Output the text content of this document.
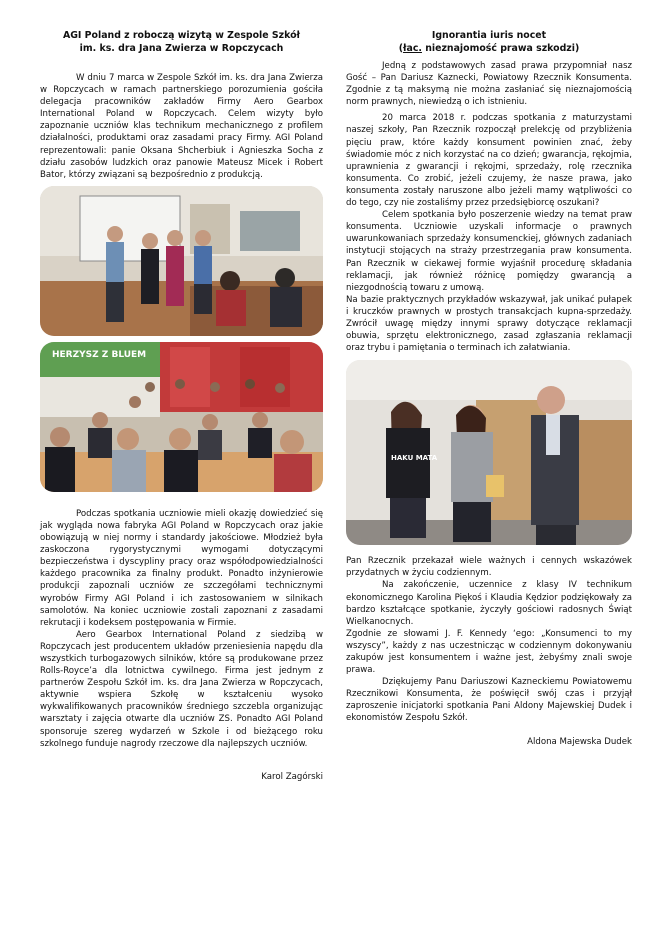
AGI Poland z roboczą wizytą w Zespole Szkół
im. ks. dra Jana Zwierza w Ropczycach

W dniu 7 marca w Zespole Szkół im. ks. dra Jana Zwierza w Ropczycach w ramach partnerskiego porozumienia gościła delegacja pracowników zakładów Firmy Aero Gearbox International Poland w Ropczycach. Celem wizyty było zapoznanie uczniów klas technikum mechanicznego z profilem działalności, produktami oraz zasadami pracy Firmy. AGI Poland reprezentowali: panie Oksana Shcherbiuk i Agnieszka Socha z działu zasobów ludzkich oraz panowie Mateusz Micek i Robert Bator, którzy związani są bezpośrednio z produkcją.

HERZYSZ Z BLUEM

Podczas spotkania uczniowie mieli okazję dowiedzieć się jak wygląda nowa fabryka AGI Poland w Ropczycach oraz jakie obowiązują w niej normy i standardy jakościowe. Młodzież była zaskoczona rygorystycznymi wymogami dotyczącymi bezpieczeństwa i dyscypliny pracy oraz współodpowiedzialności każdego pracownika za finalny produkt. Ponadto inżynierowie produkcji zapoznali uczniów ze szczegółami technicznymi wyrobów Firmy AGI Poland i ich zastosowaniem w silnikach samolotów. Na koniec uczniowie zostali zapoznani z zasadami rekrutacji i kodeksem postępowania w Firmie.

Aero Gearbox International Poland z siedzibą w Ropczycach jest producentem układów przeniesienia napędu dla wszystkich turbogazowych silników, które są produkowane przez Rolls-Royce’a dla lotnictwa cywilnego. Firma jest jednym z partnerów Zespołu Szkół im. ks. dra Jana Zwierza w Ropczycach, aktywnie wspiera Szkołę w kształceniu wysoko wykwalifikowanych pracowników średniego szczebla organizując warsztaty i zajęcia otwarte dla uczniów ZS. Ponadto AGI Poland sponsoruje szereg wydarzeń w Szkole i od bieżącego roku szkolnego funduje nagrody rzeczowe dla najlepszych uczniów.

Karol Zagórski

Ignorantia iuris nocet
(łac. nieznajomość prawa szkodzi)

Jedną z podstawowych zasad prawa przypomniał nasz Gość – Pan Dariusz Kaznecki, Powiatowy Rzecznik Konsumenta. Zgodnie z tą maksymą nie można zasłaniać się nieznajomością norm prawnych, niewiedzą o ich istnieniu.

20 marca 2018 r. podczas spotkania z maturzystami naszej szkoły, Pan Rzecznik rozpoczął prelekcję od przybliżenia pięciu praw, które każdy konsument powinien znać, żeby świadomie móc z nich korzystać na co dzień; gwarancja, rękojmia, uprawnienia z gwarancji i rękojmi, sprzedaży, rolę rzecznika konsumenta. Co zrobić, jeżeli czujemy, że nasze prawa, jako konsumenta zostały naruszone albo jeżeli mamy wątpliwości co do tego, czy nie zostaliśmy przez przedsiębiorcę oszukani?

Celem spotkania było poszerzenie wiedzy na temat praw konsumenta. Uczniowie uzyskali informacje o prawnych uwarunkowaniach sprzedaży konsumenckiej, głównych zadaniach instytucji stojących na straży przestrzegania praw konsumenta. Pan Rzecznik w ciekawej formie wyjaśnił procedurę składania reklamacji, jak również różnicę pomiędzy gwarancją a niezgodnością towaru z umową.

Na bazie praktycznych przykładów wskazywał, jak unikać pułapek i kruczków prawnych w prostych transakcjach kupna-sprzedaży. Zwrócił uwagę między innymi sprawy dotyczące reklamacji obuwia, sprzętu elektronicznego, zasad zgłaszania reklamacji oraz trybu i pamiętania o terminach ich załatwiania.

HAKU MATA

Pan Rzecznik przekazał wiele ważnych i cennych wskazówek przydatnych w życiu codziennym.

Na zakończenie, uczennice z klasy IV technikum ekonomicznego Karolina Piękoś i Klaudia Kędzior podziękowały za bardzo kształcące spotkanie, życzyły gościowi radosnych Świąt Wielkanocnych.

Zgodnie ze słowami J. F. Kennedy ‘ego: „Konsumenci to my wszyscy”, każdy z nas uczestnicząc w codziennym dokonywaniu zakupów jest konsumentem i ważne jest, żebyśmy znali swoje prawa.

Dziękujemy Panu Dariuszowi Kazneckiemu Powiatowemu Rzecznikowi Konsumenta, że poświęcił swój czas i przyjął zaproszenie inicjatorki spotkania Pani Aldony Majewskiej Dudek i ekonomistów Zespołu Szkół.

Aldona Majewska Dudek
